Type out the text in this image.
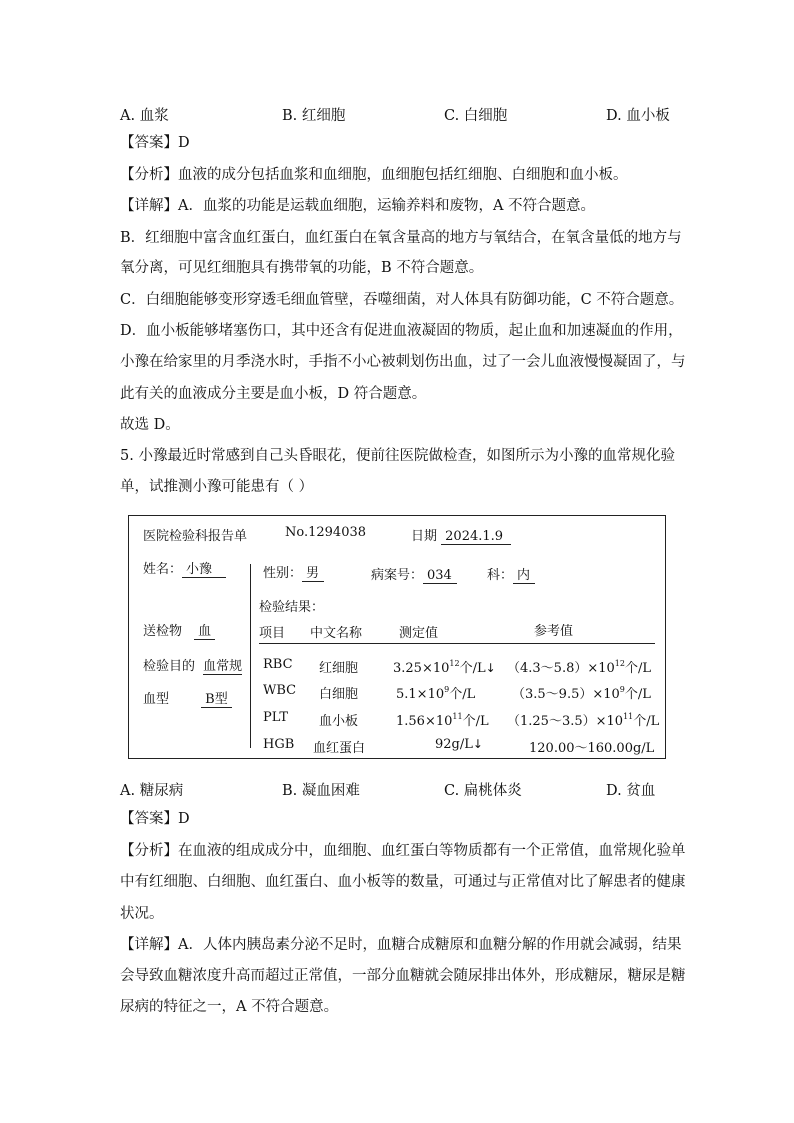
A. 血浆	B. 红细胞	C. 白细胞	D. 血小板
【答案】D
【分析】血液的成分包括血浆和血细胞，血细胞包括红细胞、白细胞和血小板。
【详解】A．血浆的功能是运载血细胞，运输养料和废物，A 不符合题意。
B．红细胞中富含血红蛋白，血红蛋白在氧含量高的地方与氧结合，在氧含量低的地方与
氧分离，可见红细胞具有携带氧的功能，B 不符合题意。
C．白细胞能够变形穿透毛细血管壁，吞噬细菌，对人体具有防御功能，C 不符合题意。
D．血小板能够堵塞伤口，其中还含有促进血液凝固的物质，起止血和加速凝血的作用，
小豫在给家里的月季浇水时，手指不小心被刺划伤出血，过了一会儿血液慢慢凝固了，与
此有关的血液成分主要是血小板，D 符合题意。
故选 D。
5. 小豫最近时常感到自己头昏眼花，便前往医院做检查，如图所示为小豫的血常规化验
单，试推测小豫可能患有（ ）
医院检验科报告单	No.1294038	日期 2024.1.9
姓名： 小豫	性别： 男	病案号： 034	科： 内
检验结果：
送检物 血	项目 中文名称	测定值	参考值
检验目的 血常规
血型	B型
RBC 红细胞	$3.25\times 10^{12}$个/L↓ $(4.3\sim 5.8)\times 10^{12}$个/L
WBC 白细胞	$5.1\times 10^9$个/L	$(3.5\sim 9.5)\times 10^9$个/L
PLT 血小板	$1.56\times 10^{11}$个/L $(1.25\sim 3.5)\times 10^{11}$个/L
HGB 血红蛋白	92g/L↓	120.00～160.00g/L
A. 糖尿病	B. 凝血困难	C. 扁桃体炎	D. 贫血
【答案】D
【分析】在血液的组成成分中，血细胞、血红蛋白等物质都有一个正常值，血常规化验单
中有红细胞、白细胞、血红蛋白、血小板等的数量，可通过与正常值对比了解患者的健康
状况。
【详解】A．人体内胰岛素分泌不足时，血糖合成糖原和血糖分解的作用就会减弱，结果
会导致血糖浓度升高而超过正常值，一部分血糖就会随尿排出体外，形成糖尿，糖尿是糖
尿病的特征之一，A 不符合题意。
